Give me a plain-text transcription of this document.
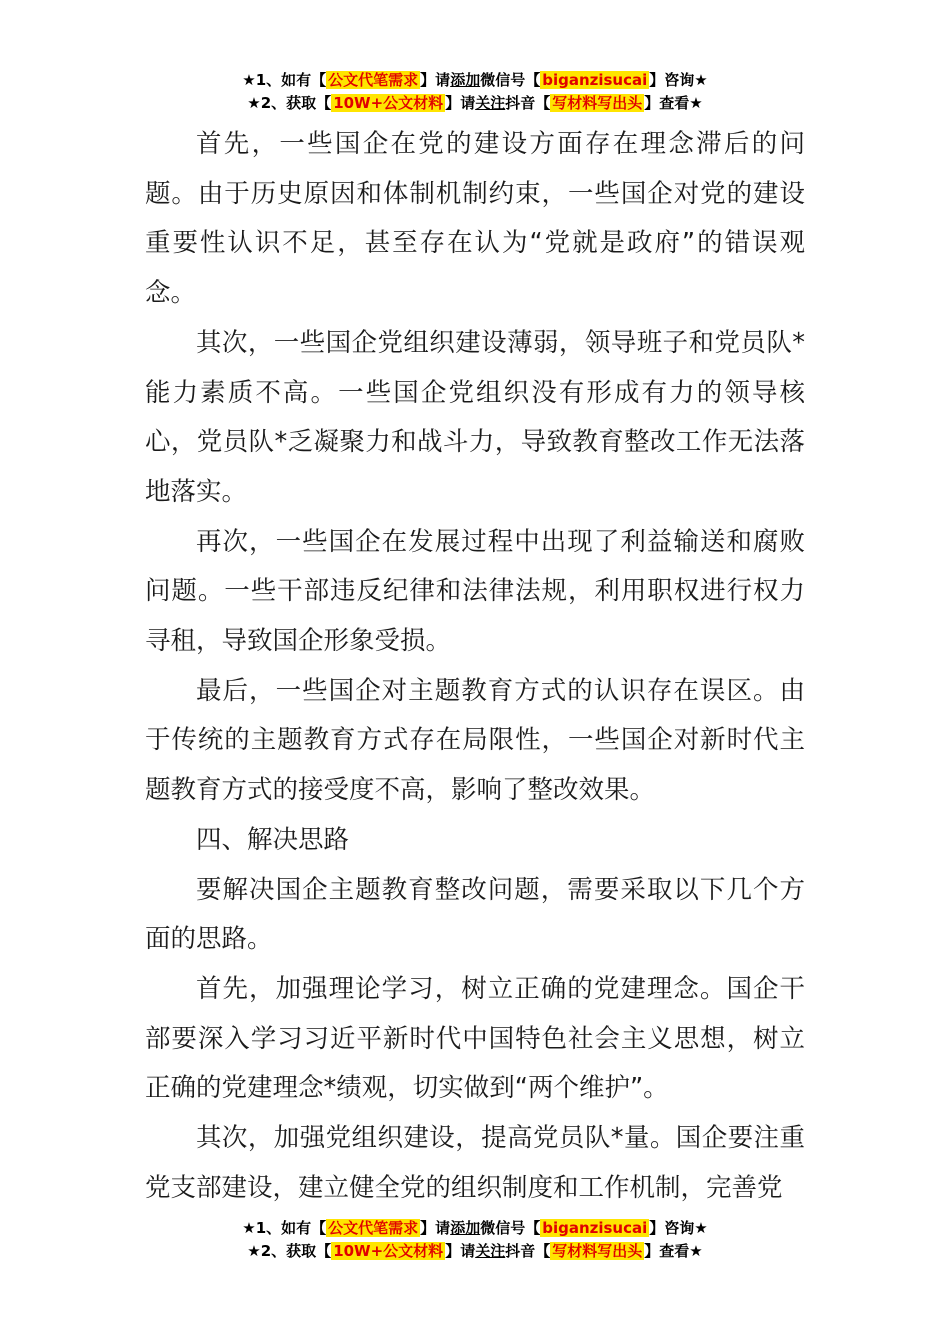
★1、如有【 公文代笔需求 】请添加微信号【 biganzisucai 】咨询★
★2、获取【 10W+公文材料 】请关注抖音【 写材料写出头 】查看★

首先，一些国企在党的建设方面存在理念滞后的问题。由于历史原因和体制机制约束，一些国企对党的建设重要性认识不足，甚至存在认为“党就是政府”的错误观念。

其次，一些国企党组织建设薄弱，领导班子和党员队*能力素质不高。一些国企党组织没有形成有力的领导核心，党员队*乏凝聚力和战斗力，导致教育整改工作无法落地落实。

再次，一些国企在发展过程中出现了利益输送和腐败问题。一些干部违反纪律和法律法规，利用职权进行权力寻租，导致国企形象受损。

最后，一些国企对主题教育方式的认识存在误区。由于传统的主题教育方式存在局限性，一些国企对新时代主题教育方式的接受度不高，影响了整改效果。

四、解决思路

要解决国企主题教育整改问题，需要采取以下几个方面的思路。

首先，加强理论学习，树立正确的党建理念。国企干部要深入学习习近平新时代中国特色社会主义思想，树立正确的党建理念*绩观，切实做到“两个维护”。

其次，加强党组织建设，提高党员队*量。国企要注重党支部建设，建立健全党的组织制度和工作机制，完善党

★1、如有【 公文代笔需求 】请添加微信号【 biganzisucai 】咨询★
★2、获取【 10W+公文材料 】请关注抖音【 写材料写出头 】查看★
